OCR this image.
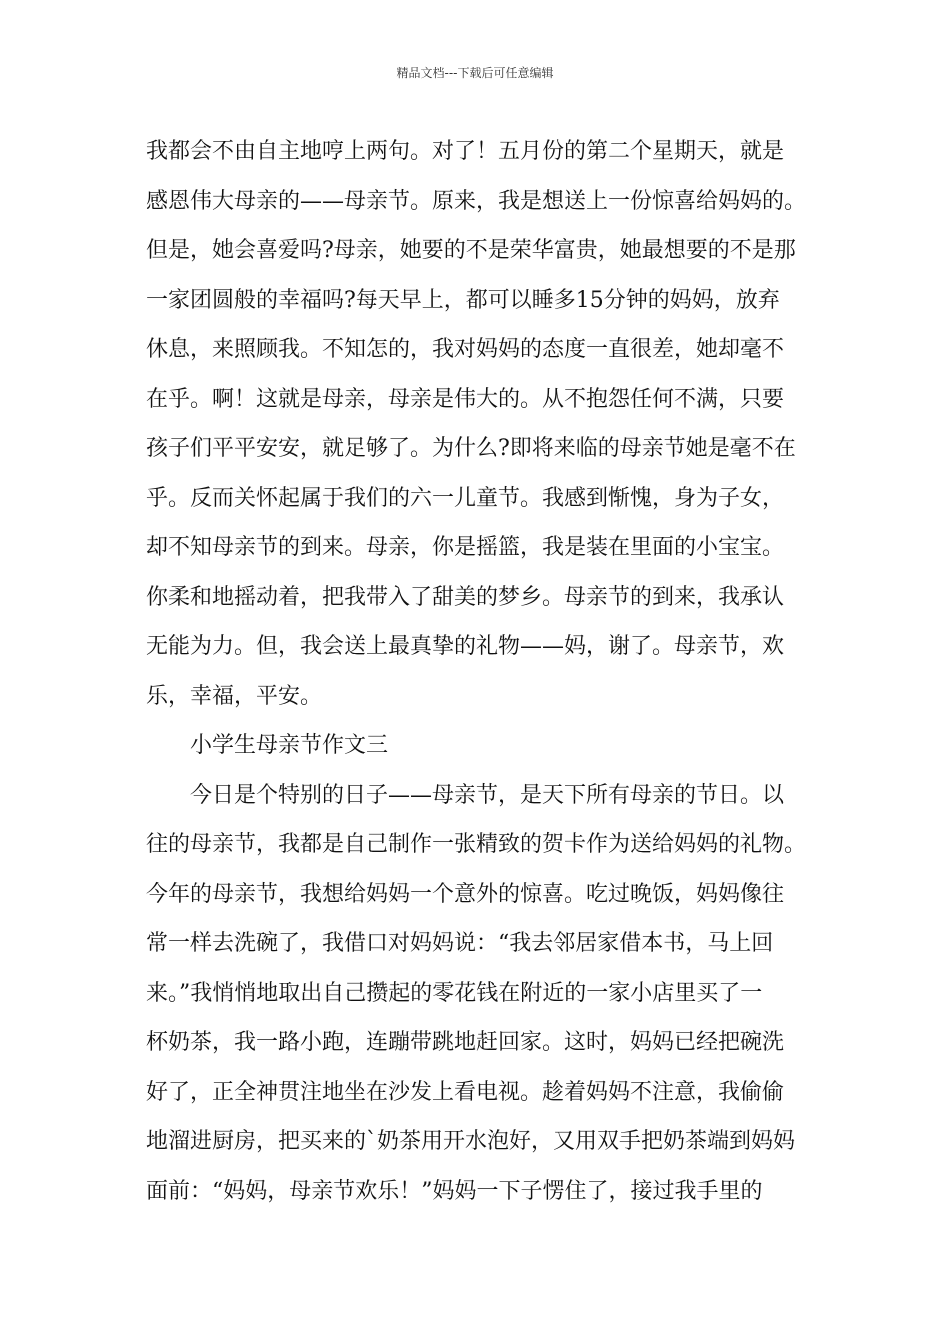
精品文档---下载后可任意编辑
我都会不由自主地哼上两句。对了！五月份的第二个星期天，就是
感恩伟大母亲的——母亲节。原来，我是想送上一份惊喜给妈妈的。
但是，她会喜爱吗?母亲，她要的不是荣华富贵，她最想要的不是那
一家团圆般的幸福吗?每天早上，都可以睡多15分钟的妈妈，放弃
休息，来照顾我。不知怎的，我对妈妈的态度一直很差，她却毫不
在乎。啊！这就是母亲，母亲是伟大的。从不抱怨任何不满，只要
孩子们平平安安，就足够了。为什么?即将来临的母亲节她是毫不在
乎。反而关怀起属于我们的六一儿童节。我感到惭愧，身为子女，
却不知母亲节的到来。母亲，你是摇篮，我是装在里面的小宝宝。
你柔和地摇动着，把我带入了甜美的梦乡。母亲节的到来，我承认
无能为力。但，我会送上最真挚的礼物——妈，谢了。母亲节，欢
乐，幸福，平安。
小学生母亲节作文三
今日是个特别的日子——母亲节，是天下所有母亲的节日。以
往的母亲节，我都是自己制作一张精致的贺卡作为送给妈妈的礼物。
今年的母亲节，我想给妈妈一个意外的惊喜。吃过晚饭，妈妈像往
常一样去洗碗了，我借口对妈妈说：“我去邻居家借本书，马上回
来。”我悄悄地取出自己攒起的零花钱在附近的一家小店里买了一
杯奶茶，我一路小跑，连蹦带跳地赶回家。这时，妈妈已经把碗洗
好了，正全神贯注地坐在沙发上看电视。趁着妈妈不注意，我偷偷
地溜进厨房，把买来的`奶茶用开水泡好，又用双手把奶茶端到妈妈
面前：“妈妈，母亲节欢乐！”妈妈一下子愣住了，接过我手里的
